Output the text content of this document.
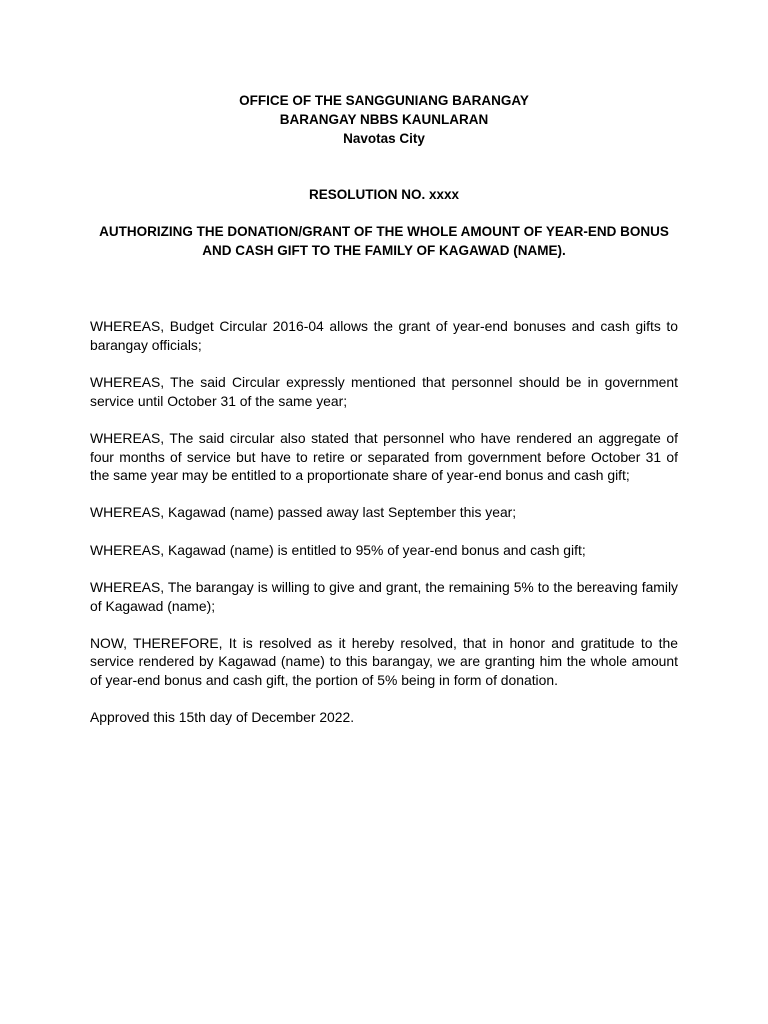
OFFICE OF THE SANGGUNIANG BARANGAY
BARANGAY NBBS KAUNLARAN
Navotas City
RESOLUTION NO. xxxx
AUTHORIZING THE DONATION/GRANT OF THE WHOLE AMOUNT OF YEAR-END BONUS
AND CASH GIFT TO THE FAMILY OF KAGAWAD (NAME).

WHEREAS, Budget Circular 2016-04 allows the grant of year-end bonuses and cash gifts to barangay officials;

WHEREAS, The said Circular expressly mentioned that personnel should be in government service until October 31 of the same year;

WHEREAS, The said circular also stated that personnel who have rendered an aggregate of four months of service but have to retire or separated from government before October 31 of the same year may be entitled to a proportionate share of year-end bonus and cash gift;

WHEREAS, Kagawad (name) passed away last September this year;

WHEREAS, Kagawad (name) is entitled to 95% of year-end bonus and cash gift;

WHEREAS, The barangay is willing to give and grant, the remaining 5% to the bereaving family of Kagawad (name);

NOW, THEREFORE, It is resolved as it hereby resolved, that in honor and gratitude to the service rendered by Kagawad (name) to this barangay, we are granting him the whole amount of year-end bonus and cash gift, the portion of 5% being in form of donation.

Approved this 15th day of December 2022.
